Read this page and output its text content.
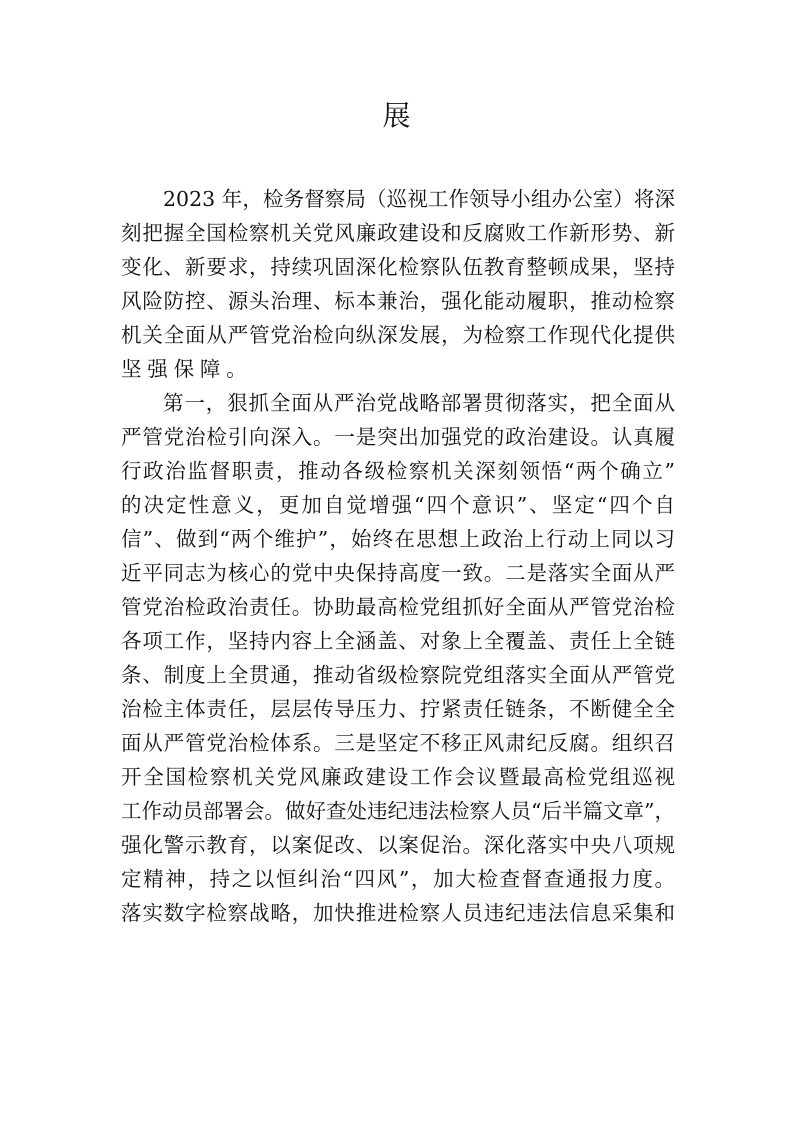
展
2023 年，检务督察局（巡视工作领导小组办公室）将深
刻把握全国检察机关党风廉政建设和反腐败工作新形势、新
变化、新要求，持续巩固深化检察队伍教育整顿成果，坚持
风险防控、源头治理、标本兼治，强化能动履职，推动检察
机关全面从严管党治检向纵深发展，为检察工作现代化提供
坚强保障。
第一，狠抓全面从严治党战略部署贯彻落实，把全面从
严管党治检引向深入。一是突出加强党的政治建设。认真履
行政治监督职责，推动各级检察机关深刻领悟“两个确立”
的决定性意义，更加自觉增强“四个意识”、坚定“四个自
信”、做到“两个维护”，始终在思想上政治上行动上同以习
近平同志为核心的党中央保持高度一致。二是落实全面从严
管党治检政治责任。协助最高检党组抓好全面从严管党治检
各项工作，坚持内容上全涵盖、对象上全覆盖、责任上全链
条、制度上全贯通，推动省级检察院党组落实全面从严管党
治检主体责任，层层传导压力、拧紧责任链条，不断健全全
面从严管党治检体系。三是坚定不移正风肃纪反腐。组织召
开全国检察机关党风廉政建设工作会议暨最高检党组巡视
工作动员部署会。做好查处违纪违法检察人员“后半篇文章”，
强化警示教育，以案促改、以案促治。深化落实中央八项规
定精神，持之以恒纠治“四风”，加大检查督查通报力度。
落实数字检察战略，加快推进检察人员违纪违法信息采集和
